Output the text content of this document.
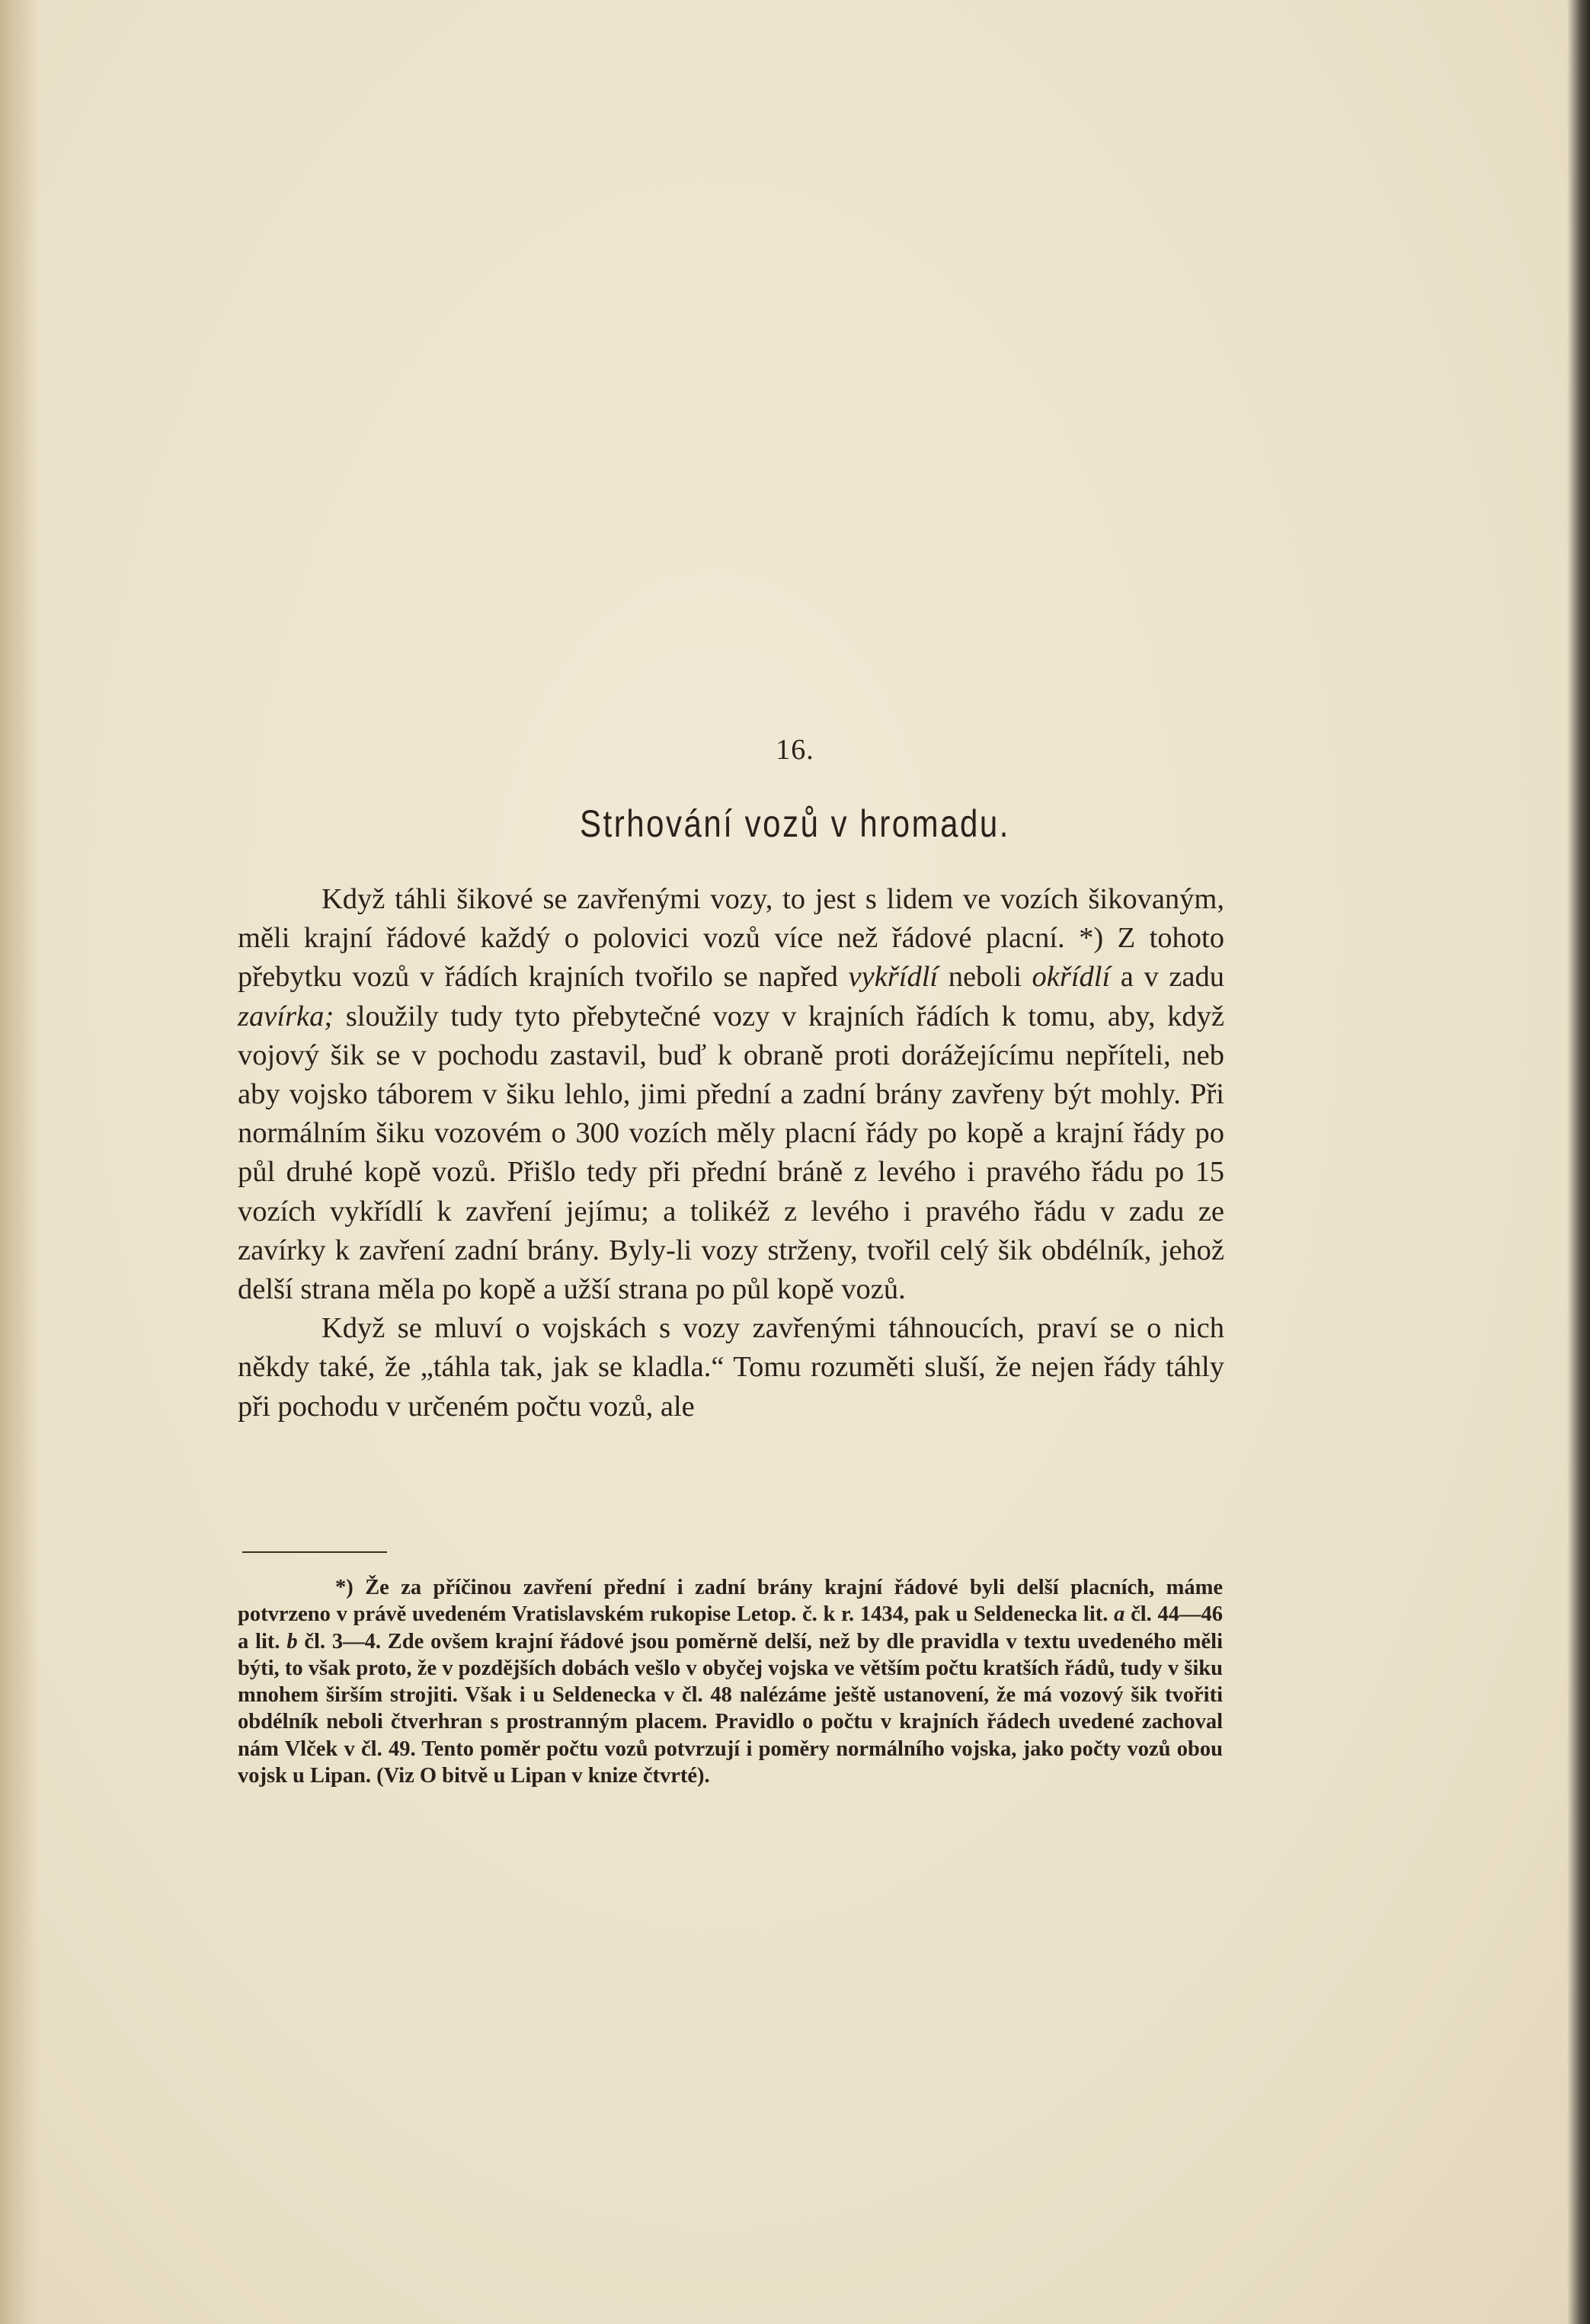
16.
Strhování vozů v hromadu.

Když táhli šikové se zavřenými vozy, to jest s lidem ve vozích šikovaným, měli krajní řádové každý o polovici vozů více než řádové placní. *) Z tohoto přebytku vozů v řádích krajních tvořilo se napřed vykřídlí neboli okřídlí a v zadu zavírka; sloužily tudy tyto přebytečné vozy v krajních řádích k tomu, aby, když vojový šik se v pochodu zastavil, buď k obraně proti dorážejícímu nepříteli, neb aby vojsko táborem v šiku lehlo, jimi přední a zadní brány zavřeny být mohly. Při normálním šiku vozovém o 300 vozích měly placní řády po kopě a krajní řády po půl druhé kopě vozů. Přišlo tedy při přední bráně z levého i pravého řádu po 15 vozích vykřídlí k zavření jejímu; a tolikéž z levého i pravého řádu v zadu ze zavírky k zavření zadní brány. Byly-li vozy strženy, tvořil celý šik obdélník, jehož delší strana měla po kopě a užší strana po půl kopě vozů.

Když se mluví o vojskách s vozy zavřenými táhnoucích, praví se o nich někdy také, že „táhla tak, jak se kladla.“ Tomu rozuměti sluší, že nejen řády táhly při pochodu v určeném počtu vozů, ale

*) Že za příčinou zavření přední i zadní brány krajní řádové byli delší placních, máme potvrzeno v právě uvedeném Vratislavském rukopise Letop. č. k r. 1434, pak u Seldenecka lit. a čl. 44—46 a lit. b čl. 3—4. Zde ovšem krajní řádové jsou poměrně delší, než by dle pravidla v textu uvedeného měli býti, to však proto, že v pozdějších dobách vešlo v obyčej vojska ve větším počtu kratších řádů, tudy v šiku mnohem širším strojiti. Však i u Seldenecka v čl. 48 nalézáme ještě ustanovení, že má vozový šik tvořiti obdélník neboli čtverhran s prostranným placem. Pravidlo o počtu v krajních řádech uvedené zachoval nám Vlček v čl. 49. Tento poměr počtu vozů potvrzují i poměry normálního vojska, jako počty vozů obou vojsk u Lipan. (Viz O bitvě u Lipan v knize čtvrté).
